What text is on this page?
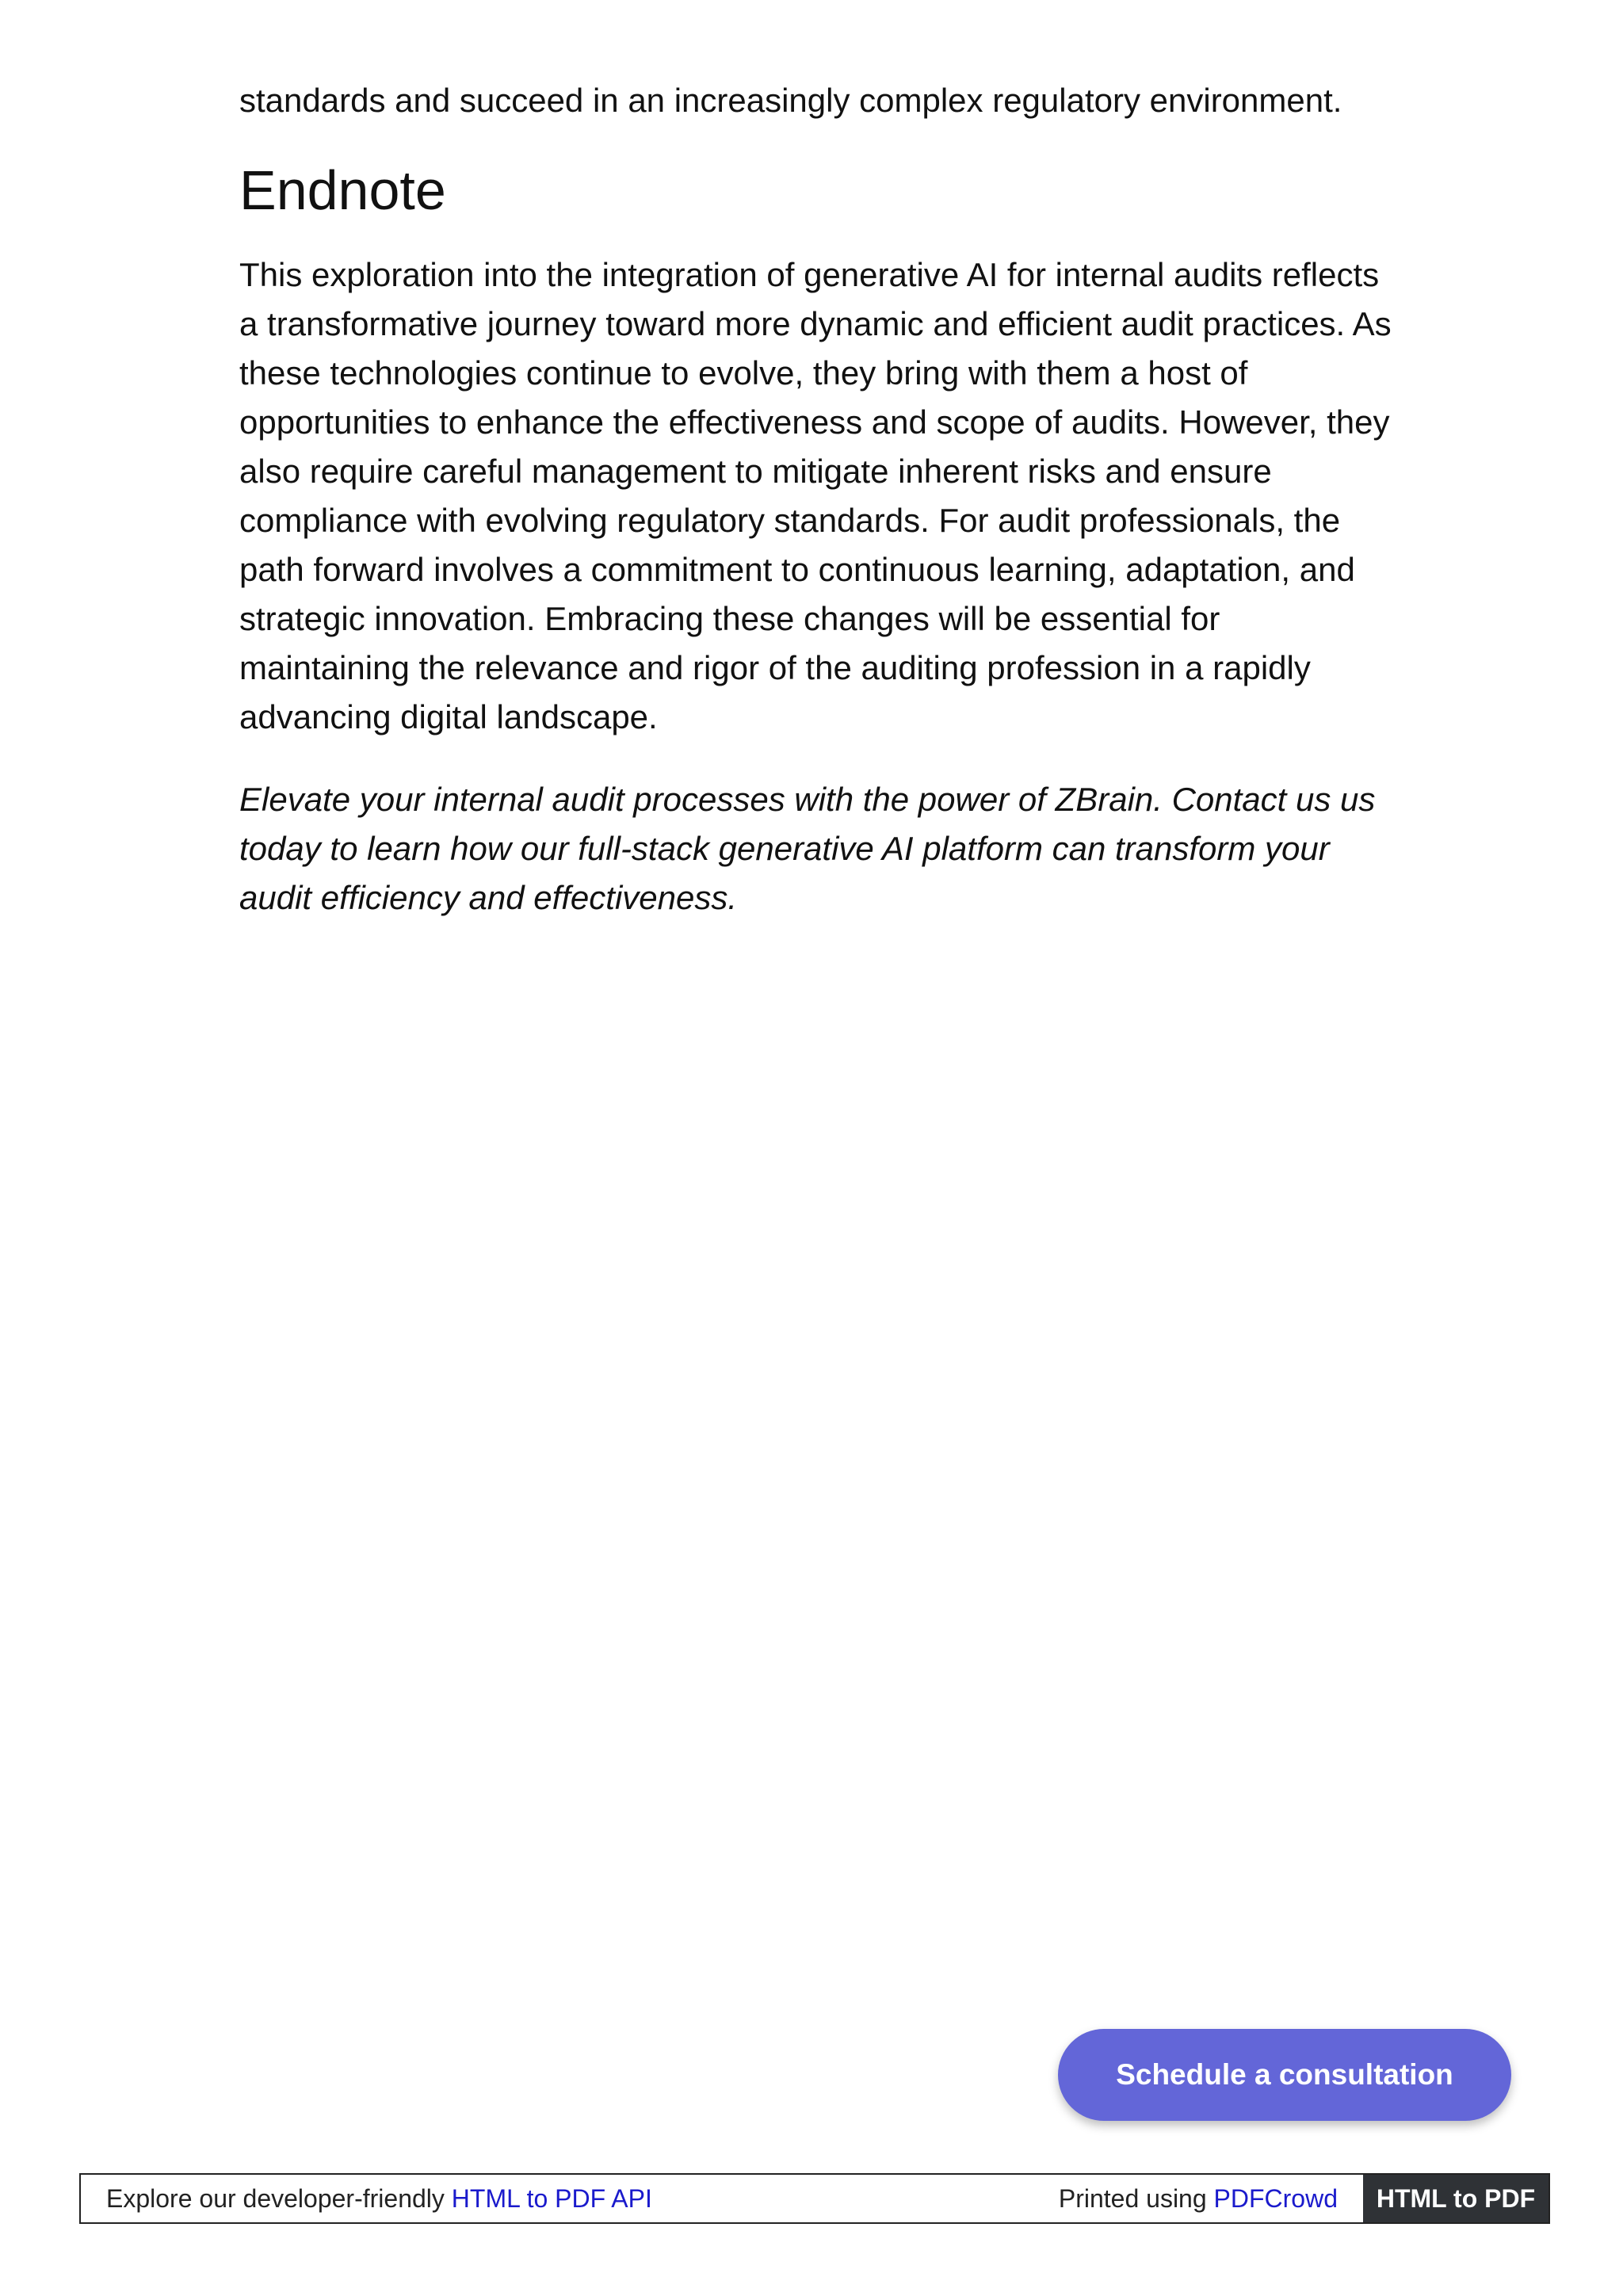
standards and succeed in an increasingly complex regulatory environment.

Endnote

This exploration into the integration of generative AI for internal audits reflects a transformative journey toward more dynamic and efficient audit practices. As these technologies continue to evolve, they bring with them a host of opportunities to enhance the effectiveness and scope of audits. However, they also require careful management to mitigate inherent risks and ensure compliance with evolving regulatory standards. For audit professionals, the path forward involves a commitment to continuous learning, adaptation, and strategic innovation. Embracing these changes will be essential for maintaining the relevance and rigor of the auditing profession in a rapidly advancing digital landscape.

Elevate your internal audit processes with the power of ZBrain. Contact us us today to learn how our full-stack generative AI platform can transform your audit efficiency and effectiveness.

Schedule a consultation
Explore our developer-friendly HTML to PDF API	Printed using PDFCrowd	HTML to PDF
